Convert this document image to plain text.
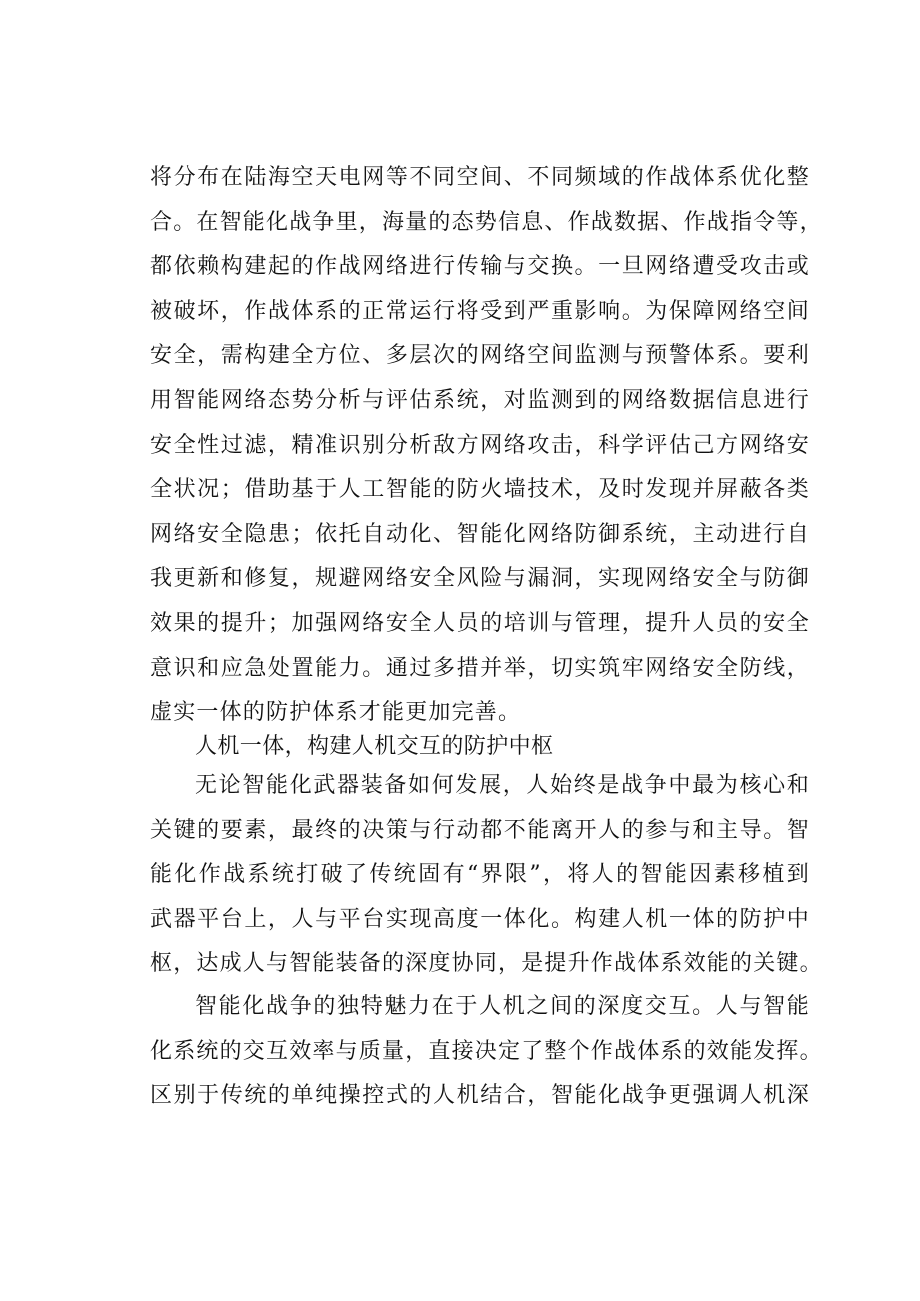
将分布在陆海空天电网等不同空间、不同频域的作战体系优化整
合。在智能化战争里，海量的态势信息、作战数据、作战指令等，
都依赖构建起的作战网络进行传输与交换。一旦网络遭受攻击或
被破坏，作战体系的正常运行将受到严重影响。为保障网络空间
安全，需构建全方位、多层次的网络空间监测与预警体系。要利
用智能网络态势分析与评估系统，对监测到的网络数据信息进行
安全性过滤，精准识别分析敌方网络攻击，科学评估己方网络安
全状况；借助基于人工智能的防火墙技术，及时发现并屏蔽各类
网络安全隐患；依托自动化、智能化网络防御系统，主动进行自
我更新和修复，规避网络安全风险与漏洞，实现网络安全与防御
效果的提升；加强网络安全人员的培训与管理，提升人员的安全
意识和应急处置能力。通过多措并举，切实筑牢网络安全防线，
虚实一体的防护体系才能更加完善。
人机一体，构建人机交互的防护中枢
无论智能化武器装备如何发展，人始终是战争中最为核心和
关键的要素，最终的决策与行动都不能离开人的参与和主导。智
能化作战系统打破了传统固有“界限”，将人的智能因素移植到
武器平台上，人与平台实现高度一体化。构建人机一体的防护中
枢，达成人与智能装备的深度协同，是提升作战体系效能的关键。
智能化战争的独特魅力在于人机之间的深度交互。人与智能
化系统的交互效率与质量，直接决定了整个作战体系的效能发挥。
区别于传统的单纯操控式的人机结合，智能化战争更强调人机深
